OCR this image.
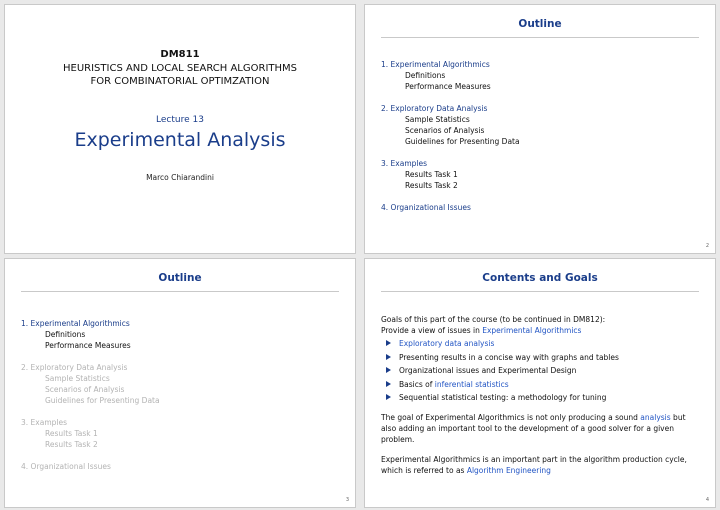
DM811
HEURISTICS AND LOCAL SEARCH ALGORITHMS
FOR COMBINATORIAL OPTIMZATION
Lecture 13
Experimental Analysis
Marco Chiarandini
Outline
1. Experimental Algorithmics
Definitions
Performance Measures
2. Exploratory Data Analysis
Sample Statistics
Scenarios of Analysis
Guidelines for Presenting Data
3. Examples
Results Task 1
Results Task 2
4. Organizational Issues
2
Outline
1. Experimental Algorithmics
Definitions
Performance Measures
2. Exploratory Data Analysis
Sample Statistics
Scenarios of Analysis
Guidelines for Presenting Data
3. Examples
Results Task 1
Results Task 2
4. Organizational Issues
3
Contents and Goals

Goals of this part of the course (to be continued in DM812):

Provide a view of issues in Experimental Algorithmics

Exploratory data analysis
Presenting results in a concise way with graphs and tables
Organizational issues and Experimental Design
Basics of inferential statistics
Sequential statistical testing: a methodology for tuning

The goal of Experimental Algorithmics is not only producing a sound analysis but also adding an important tool to the development of a good solver for a given problem.

Experimental Algorithmics is an important part in the algorithm production cycle, which is referred to as Algorithm Engineering

4
